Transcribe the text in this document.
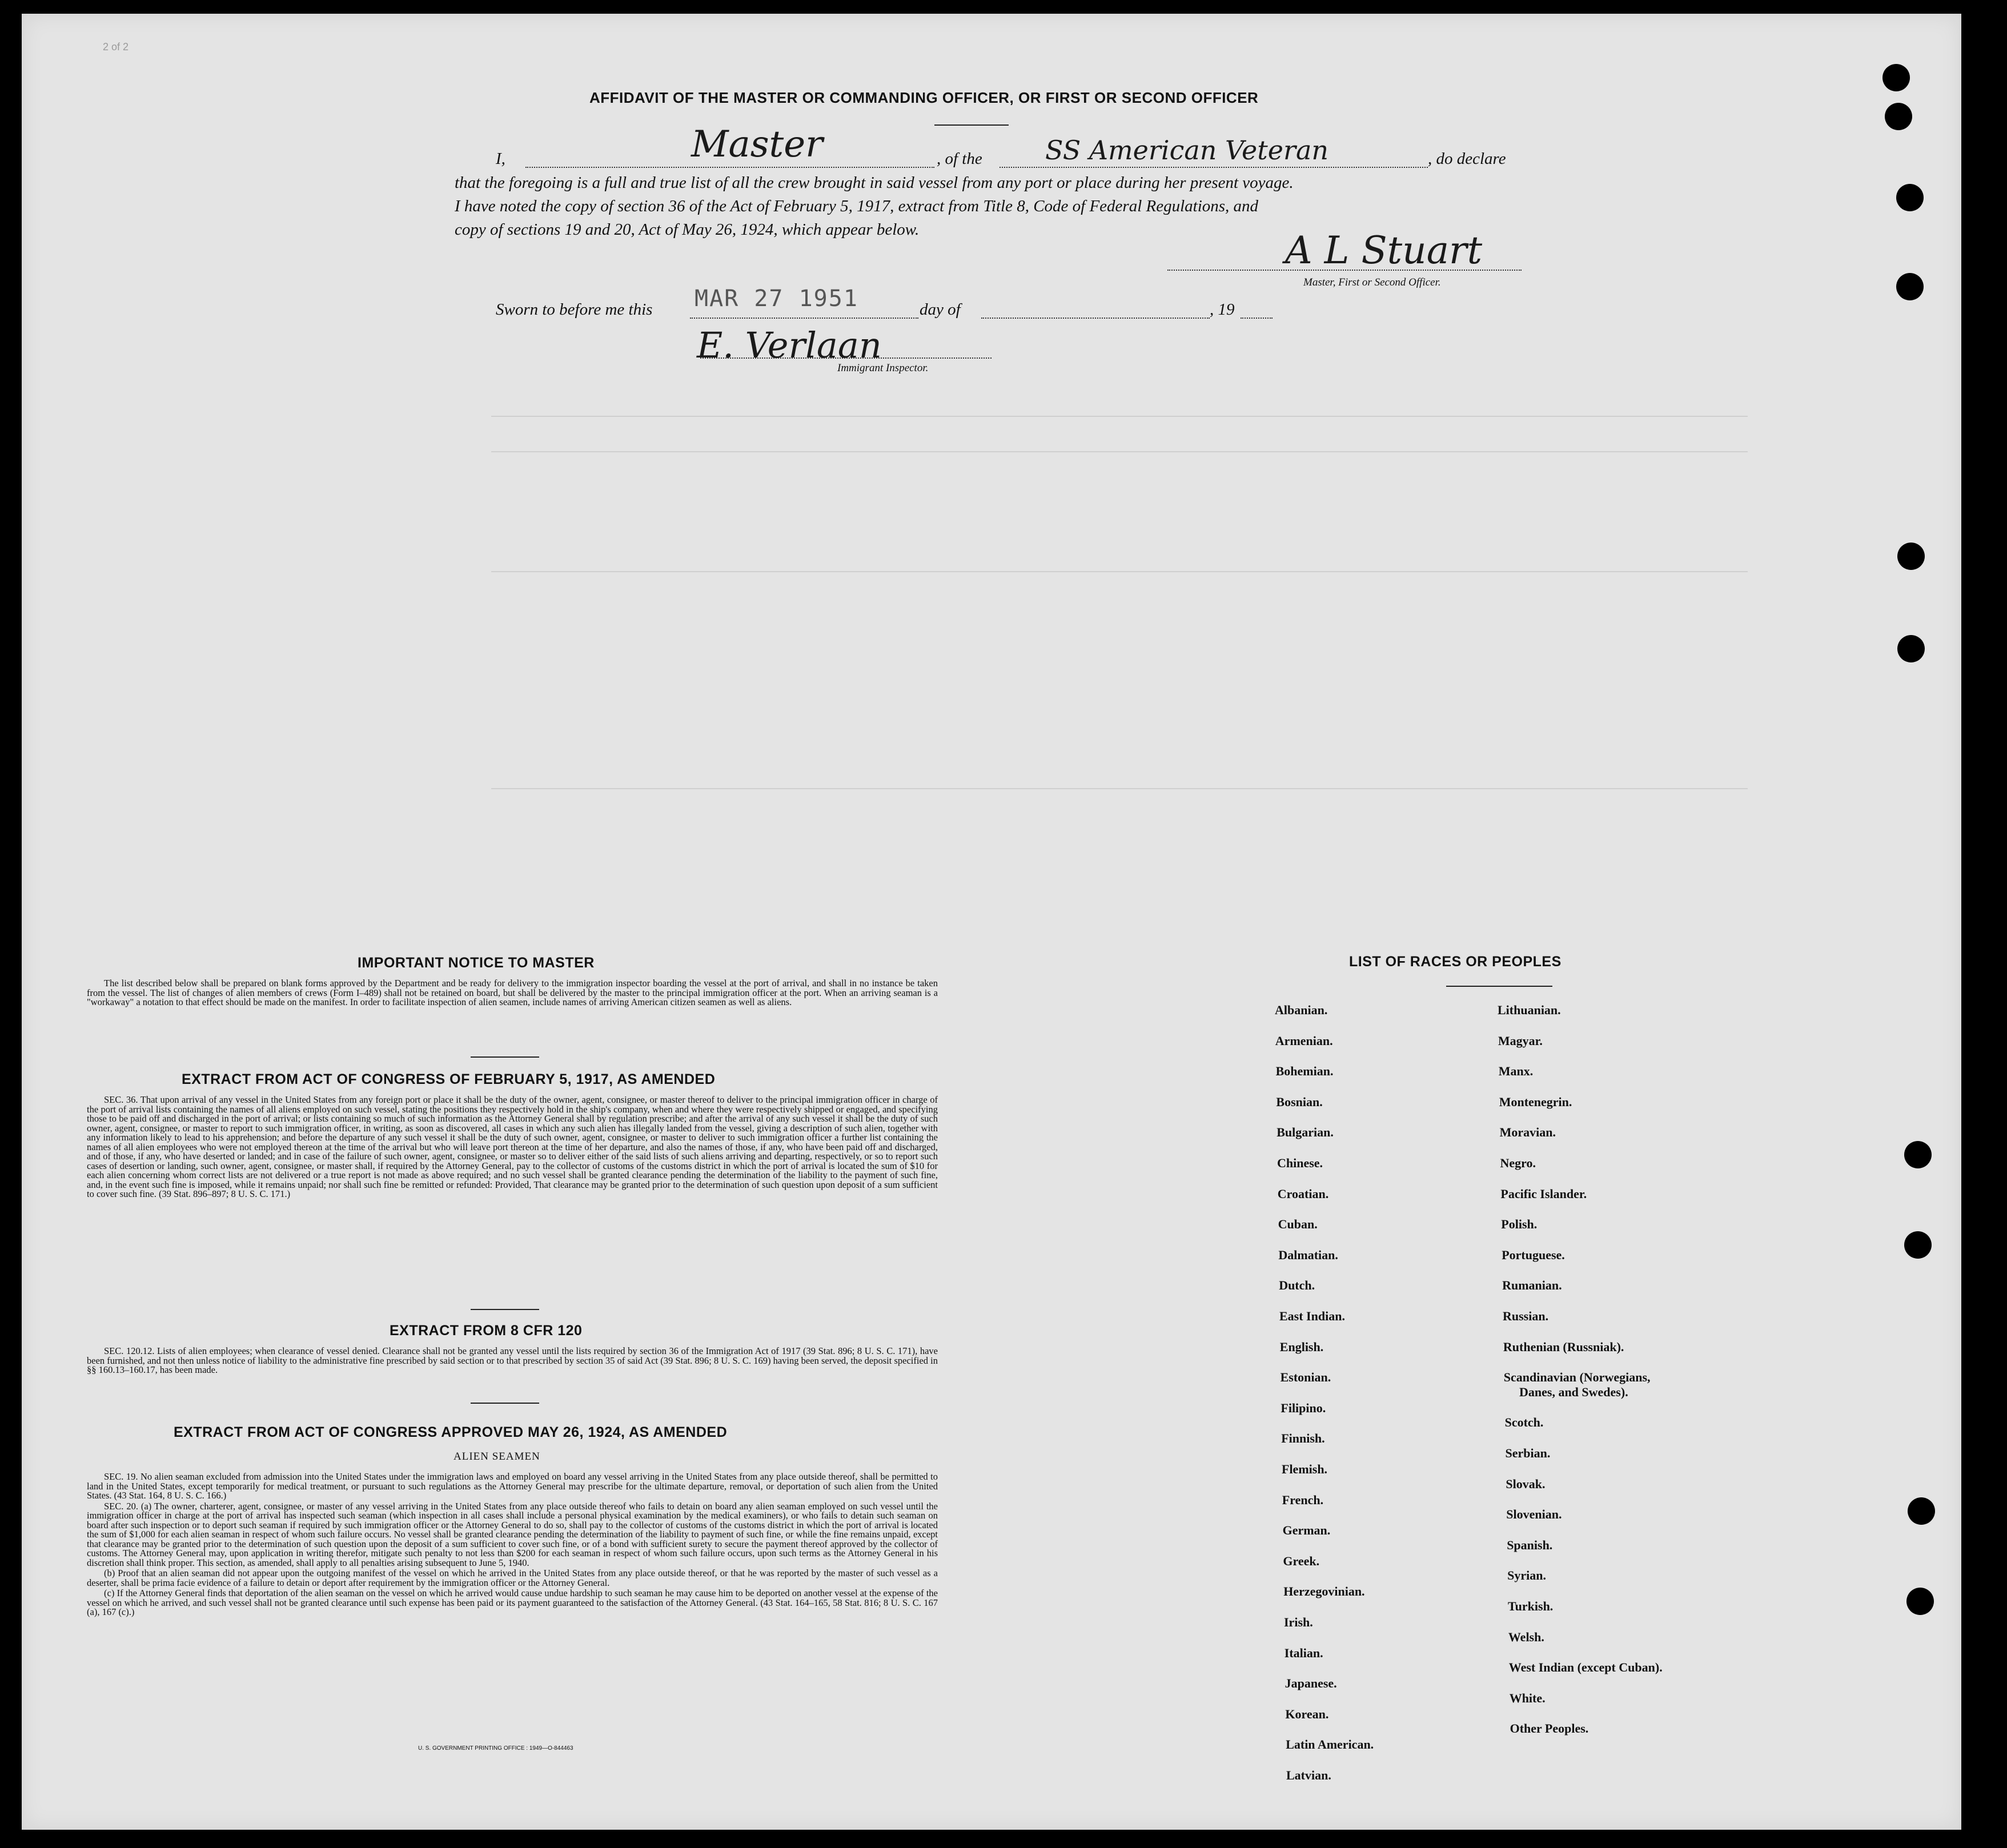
2 of 2
AFFIDAVIT OF THE MASTER OR COMMANDING OFFICER, OR FIRST OR SECOND OFFICER
I,	Master	, of the SS American Veteran	, do declare
that the foregoing is a full and true list of all the crew brought in said vessel from any port or place during her present voyage.
I have noted the copy of section 36 of the Act of February 5, 1917, extract from Title 8, Code of Federal Regulations, and
copy of sections 19 and 20, Act of May 26, 1924, which appear below.	A L Stuart
Master, First or Second Officer.
Sworn to before me this MAR 27 1951	day of	, 19
E. Verlaan
Immigrant Inspector.
IMPORTANT NOTICE TO MASTER

The list described below shall be prepared on blank forms approved by the Department and be ready for delivery to the immigration inspector boarding the vessel at the port of arrival, and shall in no instance be taken from the vessel. The list of changes of alien members of crews (Form I–489) shall not be retained on board, but shall be delivered by the master to the principal immigration officer at the port. When an arriving seaman is a "workaway" a notation to that effect should be made on the manifest. In order to facilitate inspection of alien seamen, include names of arriving American citizen seamen as well as aliens.

EXTRACT FROM ACT OF CONGRESS OF FEBRUARY 5, 1917, AS AMENDED

SEC. 36. That upon arrival of any vessel in the United States from any foreign port or place it shall be the duty of the owner, agent, consignee, or master thereof to deliver to the principal immigration officer in charge of the port of arrival lists containing the names of all aliens employed on such vessel, stating the positions they respectively hold in the ship's company, when and where they were respectively shipped or engaged, and specifying those to be paid off and discharged in the port of arrival; or lists containing so much of such information as the Attorney General shall by regulation prescribe; and after the arrival of any such vessel it shall be the duty of such owner, agent, consignee, or master to report to such immigration officer, in writing, as soon as discovered, all cases in which any such alien has illegally landed from the vessel, giving a description of such alien, together with any information likely to lead to his apprehension; and before the departure of any such vessel it shall be the duty of such owner, agent, consignee, or master to deliver to such immigration officer a further list containing the names of all alien employees who were not employed thereon at the time of the arrival but who will leave port thereon at the time of her departure, and also the names of those, if any, who have been paid off and discharged, and of those, if any, who have deserted or landed; and in case of the failure of such owner, agent, consignee, or master so to deliver either of the said lists of such aliens arriving and departing, respectively, or so to report such cases of desertion or landing, such owner, agent, consignee, or master shall, if required by the Attorney General, pay to the collector of customs of the customs district in which the port of arrival is located the sum of $10 for each alien concerning whom correct lists are not delivered or a true report is not made as above required; and no such vessel shall be granted clearance pending the determination of the liability to the payment of such fine, and, in the event such fine is imposed, while it remains unpaid; nor shall such fine be remitted or refunded: Provided, That clearance may be granted prior to the determination of such question upon deposit of a sum sufficient to cover such fine. (39 Stat. 896–897; 8 U. S. C. 171.)

EXTRACT FROM 8 CFR 120

SEC. 120.12. Lists of alien employees; when clearance of vessel denied. Clearance shall not be granted any vessel until the lists required by section 36 of the Immigration Act of 1917 (39 Stat. 896; 8 U. S. C. 171), have been furnished, and not then unless notice of liability to the administrative fine prescribed by said section or to that prescribed by section 35 of said Act (39 Stat. 896; 8 U. S. C. 169) having been served, the deposit specified in §§ 160.13–160.17, has been made.

EXTRACT FROM ACT OF CONGRESS APPROVED MAY 26, 1924, AS AMENDED
ALIEN SEAMEN

SEC. 19. No alien seaman excluded from admission into the United States under the immigration laws and employed on board any vessel arriving in the United States from any place outside thereof, shall be permitted to land in the United States, except temporarily for medical treatment, or pursuant to such regulations as the Attorney General may prescribe for the ultimate departure, removal, or deportation of such alien from the United States. (43 Stat. 164, 8 U. S. C. 166.)

SEC. 20. (a) The owner, charterer, agent, consignee, or master of any vessel arriving in the United States from any place outside thereof who fails to detain on board any alien seaman employed on such vessel until the immigration officer in charge at the port of arrival has inspected such seaman (which inspection in all cases shall include a personal physical examination by the medical examiners), or who fails to detain such seaman on board after such inspection or to deport such seaman if required by such immigration officer or the Attorney General to do so, shall pay to the collector of customs of the customs district in which the port of arrival is located the sum of $1,000 for each alien seaman in respect of whom such failure occurs. No vessel shall be granted clearance pending the determination of the liability to payment of such fine, or while the fine remains unpaid, except that clearance may be granted prior to the determination of such question upon the deposit of a sum sufficient to cover such fine, or of a bond with sufficient surety to secure the payment thereof approved by the collector of customs. The Attorney General may, upon application in writing therefor, mitigate such penalty to not less than $200 for each seaman in respect of whom such failure occurs, upon such terms as the Attorney General in his discretion shall think proper. This section, as amended, shall apply to all penalties arising subsequent to June 5, 1940.

(b) Proof that an alien seaman did not appear upon the outgoing manifest of the vessel on which he arrived in the United States from any place outside thereof, or that he was reported by the master of such vessel as a deserter, shall be prima facie evidence of a failure to detain or deport after requirement by the immigration officer or the Attorney General.

(c) If the Attorney General finds that deportation of the alien seaman on the vessel on which he arrived would cause undue hardship to such seaman he may cause him to be deported on another vessel at the expense of the vessel on which he arrived, and such vessel shall not be granted clearance until such expense has been paid or its payment guaranteed to the satisfaction of the Attorney General. (43 Stat. 164–165, 58 Stat. 816; 8 U. S. C. 167 (a), 167 (c).)

U. S. GOVERNMENT PRINTING OFFICE : 1949—O-844463
LIST OF RACES OR PEOPLES
Albanian.
Armenian.
Bohemian.
Bosnian.
Bulgarian.
Chinese.
Croatian.
Cuban.
Dalmatian.
Dutch.
East Indian.
English.
Estonian.
Filipino.
Finnish.
Flemish.
French.
German.
Greek.
Herzegovinian.
Irish.
Italian.
Japanese.
Korean.
Latin American.
Latvian.
Lithuanian.
Magyar.
Manx.
Montenegrin.
Moravian.
Negro.
Pacific Islander.
Polish.
Portuguese.
Rumanian.
Russian.
Ruthenian (Russniak).
Scandinavian (Norwegians,
Danes, and Swedes).
Scotch.
Serbian.
Slovak.
Slovenian.
Spanish.
Syrian.
Turkish.
Welsh.
West Indian (except Cuban).
White.
Other Peoples.
